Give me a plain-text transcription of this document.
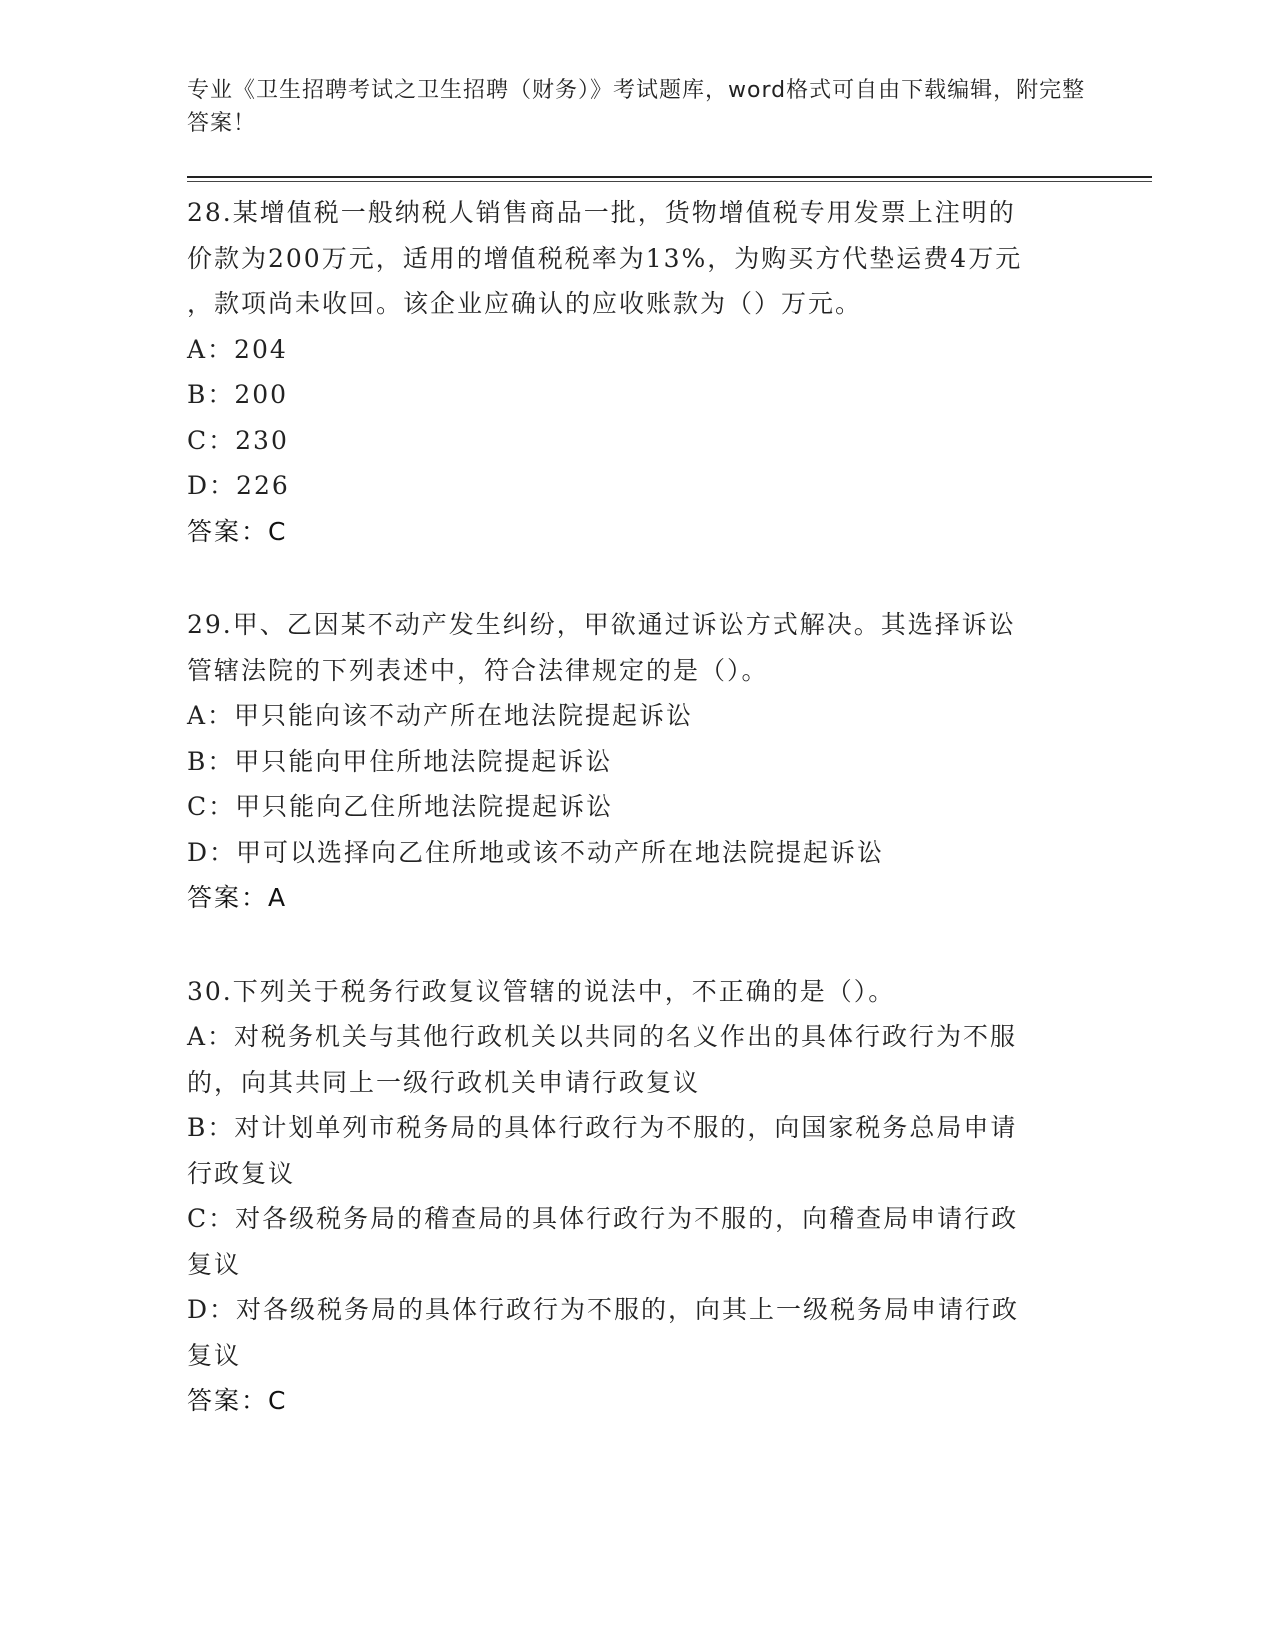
专业《卫生招聘考试之卫生招聘（财务）》考试题库，word格式可自由下载编辑，附完整答案！
28.某增值税一般纳税人销售商品一批，货物增值税专用发票上注明的
价款为200万元，适用的增值税税率为13%，为购买方代垫运费4万元
，款项尚未收回。该企业应确认的应收账款为（）万元。
A：204
B：200
C：230
D：226
答案：C
29.甲、乙因某不动产发生纠纷，甲欲通过诉讼方式解决。其选择诉讼
管辖法院的下列表述中，符合法律规定的是（）。
A：甲只能向该不动产所在地法院提起诉讼
B：甲只能向甲住所地法院提起诉讼
C：甲只能向乙住所地法院提起诉讼
D：甲可以选择向乙住所地或该不动产所在地法院提起诉讼
答案：A
30.下列关于税务行政复议管辖的说法中，不正确的是（）。
A：对税务机关与其他行政机关以共同的名义作出的具体行政行为不服
的，向其共同上一级行政机关申请行政复议
B：对计划单列市税务局的具体行政行为不服的，向国家税务总局申请
行政复议
C：对各级税务局的稽查局的具体行政行为不服的，向稽查局申请行政
复议
D：对各级税务局的具体行政行为不服的，向其上一级税务局申请行政
复议
答案：C
